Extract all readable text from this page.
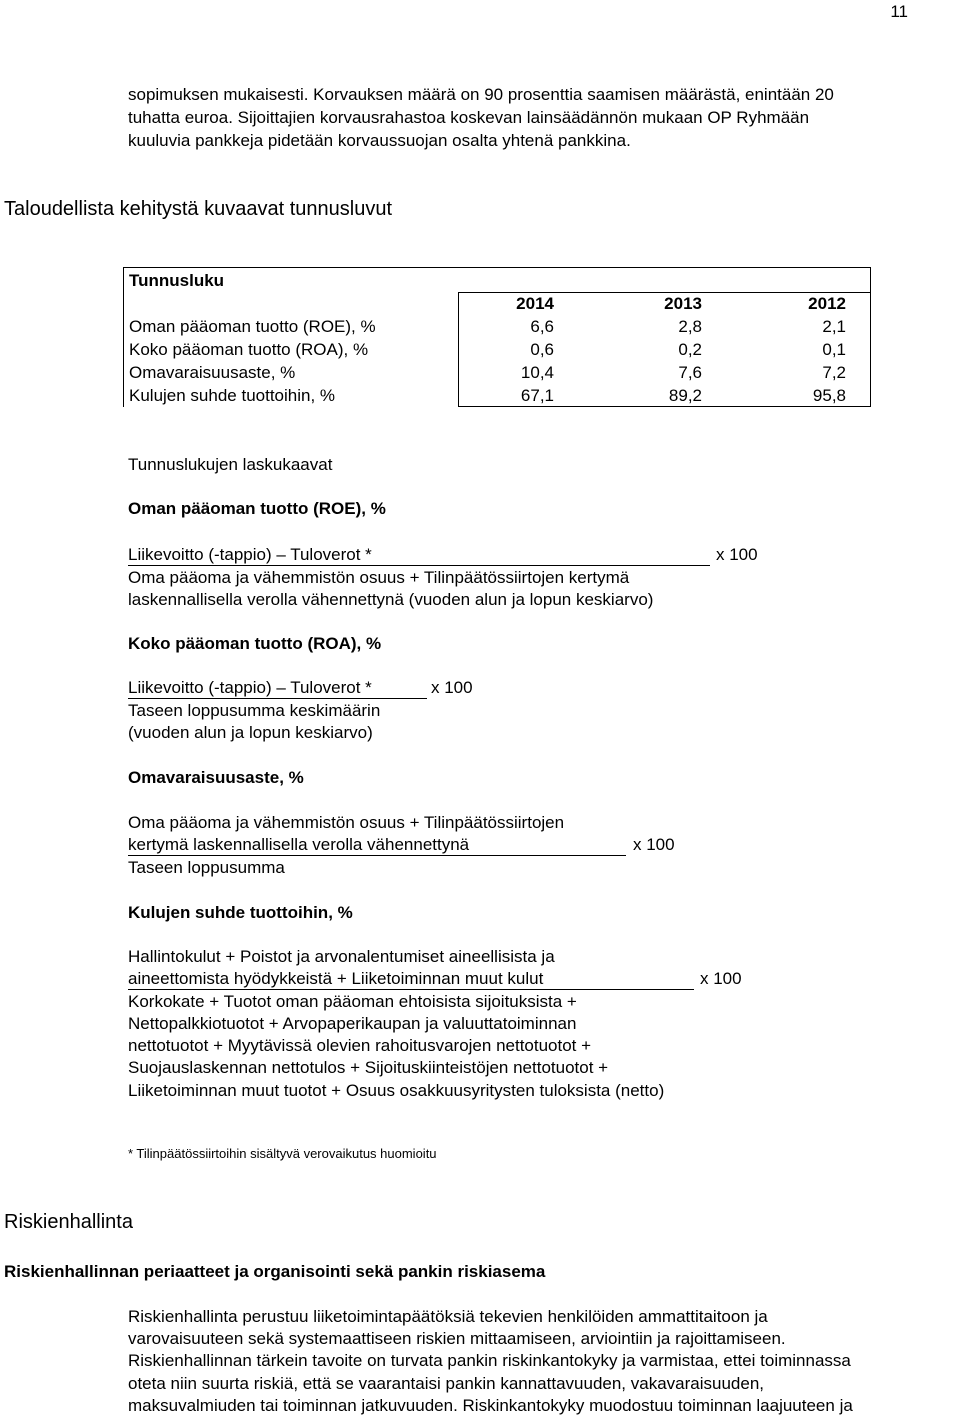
11
sopimuksen mukaisesti. Korvauksen määrä on 90 prosenttia saamisen määrästä, enintään 20
tuhatta euroa. Sijoittajien korvausrahastoa koskevan lainsäädännön mukaan OP Ryhmään
kuuluvia pankkeja pidetään korvaussuojan osalta yhtenä pankkina.
Taloudellista kehitystä kuvaavat tunnusluvut
Tunnusluku
2014	2013	2012
Oman pääoman tuotto (ROE), %	6,6	2,8	2,1
Koko pääoman tuotto (ROA), %	0,6	0,2	0,1
Omavaraisuusaste, %	10,4	7,6	7,2
Kulujen suhde tuottoihin, %	67,1	89,2	95,8
Tunnuslukujen laskukaavat
Oman pääoman tuotto (ROE), %
Liikevoitto (-tappio) – Tuloverot *	x 100
Oma pääoma ja vähemmistön osuus + Tilinpäätössiirtojen kertymä
laskennallisella verolla vähennettynä (vuoden alun ja lopun keskiarvo)
Koko pääoman tuotto (ROA), %
Liikevoitto (-tappio) – Tuloverot *	x 100
Taseen loppusumma keskimäärin
(vuoden alun ja lopun keskiarvo)
Omavaraisuusaste, %
Oma pääoma ja vähemmistön osuus + Tilinpäätössiirtojen
kertymä laskennallisella verolla vähennettynä	x 100
Taseen loppusumma
Kulujen suhde tuottoihin, %
Hallintokulut + Poistot ja arvonalentumiset aineellisista ja
aineettomista hyödykkeistä + Liiketoiminnan muut kulut	x 100
Korkokate + Tuotot oman pääoman ehtoisista sijoituksista +
Nettopalkkiotuotot + Arvopaperikaupan ja valuuttatoiminnan
nettotuotot + Myytävissä olevien rahoitusvarojen nettotuotot +
Suojauslaskennan nettotulos + Sijoituskiinteistöjen nettotuotot +
Liiketoiminnan muut tuotot + Osuus osakkuusyritysten tuloksista (netto)
* Tilinpäätössiirtoihin sisältyvä verovaikutus huomioitu
Riskienhallinta
Riskienhallinnan periaatteet ja organisointi sekä pankin riskiasema
Riskienhallinta perustuu liiketoimintapäätöksiä tekevien henkilöiden ammattitaitoon ja
varovaisuuteen sekä systemaattiseen riskien mittaamiseen, arviointiin ja rajoittamiseen.
Riskienhallinnan tärkein tavoite on turvata pankin riskinkantokyky ja varmistaa, ettei toiminnassa
oteta niin suurta riskiä, että se vaarantaisi pankin kannattavuuden, vakavaraisuuden,
maksuvalmiuden tai toiminnan jatkuvuuden. Riskinkantokyky muodostuu toiminnan laajuuteen ja
